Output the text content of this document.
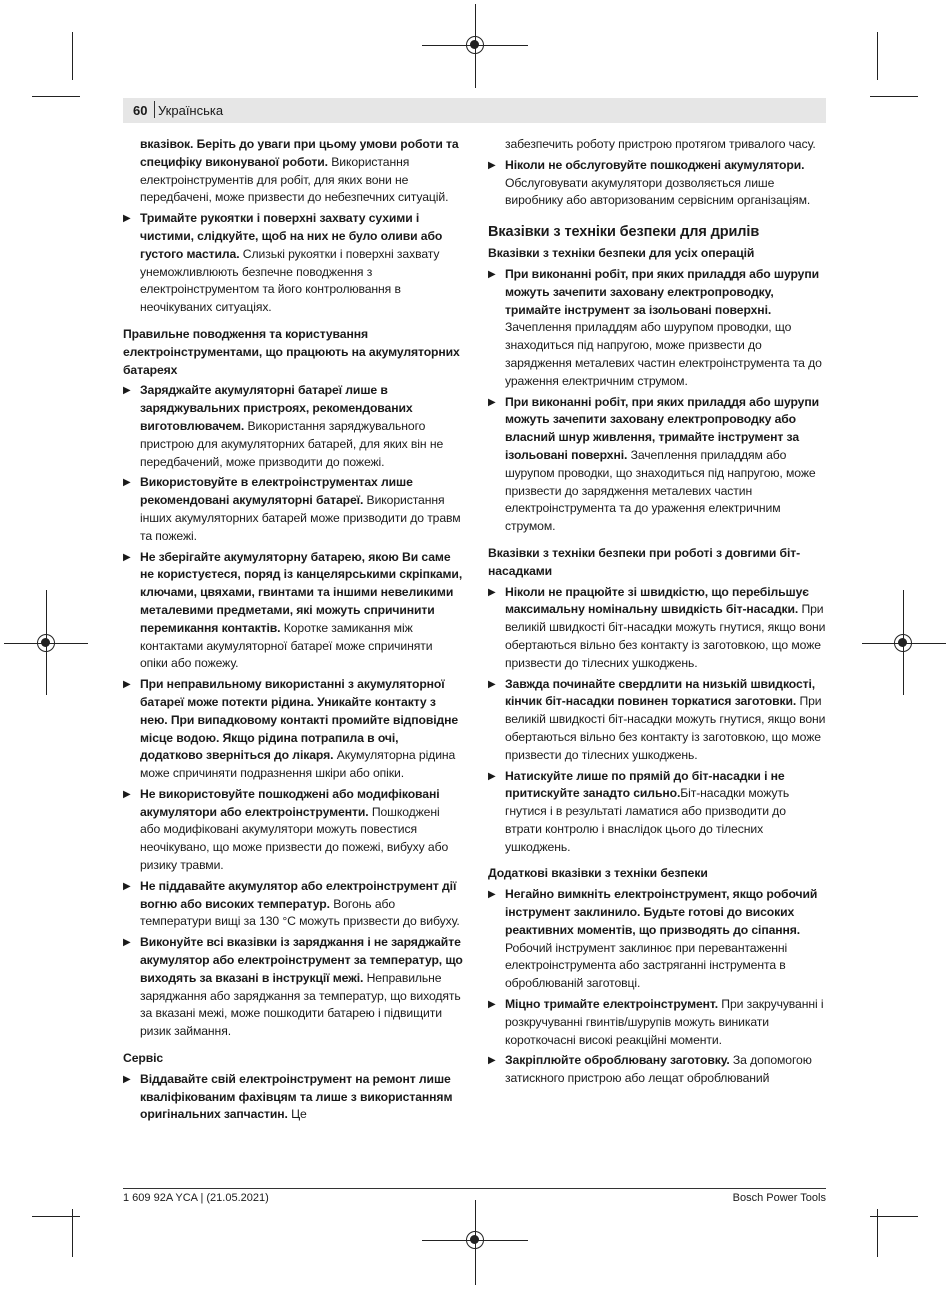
60 Українська

вказівок. Беріть до уваги при цьому умови роботи та специфіку виконуваної роботи. Використання електроінструментів для робіт, для яких вони не передбачені, може призвести до небезпечних ситуацій.

▶ Тримайте рукоятки і поверхні захвату сухими і чистими, слідкуйте, щоб на них не було оливи або густого мастила. Слизькі рукоятки і поверхні захвату унеможливлюють безпечне поводження з електроінструментом та його контролювання в неочікуваних ситуаціях.

Правильне поводження та користування електроінструментами, що працюють на акумуляторних батареях

▶ Заряджайте акумуляторні батареї лише в заряджувальних пристроях, рекомендованих виготовлювачем. Використання заряджувального пристрою для акумуляторних батарей, для яких він не передбачений, може призводити до пожежі.

▶ Використовуйте в електроінструментах лише рекомендовані акумуляторні батареї. Використання інших акумуляторних батарей може призводити до травм та пожежі.

▶ Не зберігайте акумуляторну батарею, якою Ви саме не користуєтеся, поряд із канцелярськими скріпками, ключами, цвяхами, гвинтами та іншими невеликими металевими предметами, які можуть спричинити перемикання контактів. Коротке замикання між контактами акумуляторної батареї може спричиняти опіки або пожежу.

▶ При неправильному використанні з акумуляторної батареї може потекти рідина. Уникайте контакту з нею. При випадковому контакті промийте відповідне місце водою. Якщо рідина потрапила в очі, додатково зверніться до лікаря. Акумуляторна рідина може спричиняти подразнення шкіри або опіки.

▶ Не використовуйте пошкоджені або модифіковані акумулятори або електроінструменти. Пошкоджені або модифіковані акумулятори можуть повестися неочікувано, що може призвести до пожежі, вибуху або ризику травми.

▶ Не піддавайте акумулятор або електроінструмент дії вогню або високих температур. Вогонь або температури вищі за 130 °C можуть призвести до вибуху.

▶ Виконуйте всі вказівки із заряджання і не заряджайте акумулятор або електроінструмент за температур, що виходять за вказані в інструкції межі. Неправильне заряджання або заряджання за температур, що виходять за вказані межі, може пошкодити батарею і підвищити ризик займання.

Сервіс

▶ Віддавайте свій електроінструмент на ремонт лише кваліфікованим фахівцям та лише з використанням оригінальних запчастин. Це

забезпечить роботу пристрою протягом тривалого часу.

▶ Ніколи не обслуговуйте пошкоджені акумулятори. Обслуговувати акумулятори дозволяється лише виробнику або авторизованим сервісним організаціям.

Вказівки з техніки безпеки для дрилів
Вказівки з техніки безпеки для усіх операцій

▶ При виконанні робіт, при яких приладдя або шурупи можуть зачепити заховану електропроводку, тримайте інструмент за ізольовані поверхні. Зачеплення приладдям або шурупом проводки, що знаходиться під напругою, може призвести до зарядження металевих частин електроінструмента та до ураження електричним струмом.

▶ При виконанні робіт, при яких приладдя або шурупи можуть зачепити заховану електропроводку або власний шнур живлення, тримайте інструмент за ізольовані поверхні. Зачеплення приладдям або шурупом проводки, що знаходиться під напругою, може призвести до зарядження металевих частин електроінструмента та до ураження електричним струмом.

Вказівки з техніки безпеки при роботі з довгими біт-насадками

▶ Ніколи не працюйте зі швидкістю, що перебільшує максимальну номінальну швидкість біт-насадки. При великій швидкості біт-насадки можуть гнутися, якщо вони обертаються вільно без контакту із заготовкою, що може призвести до тілесних ушкоджень.

▶ Завжда починайте свердлити на низькій швидкості, кінчик біт-насадки повинен торкатися заготовки. При великій швидкості біт-насадки можуть гнутися, якщо вони обертаються вільно без контакту із заготовкою, що може призвести до тілесних ушкоджень.

▶ Натискуйте лише по прямій до біт-насадки і не притискуйте занадто сильно.Біт-насадки можуть гнутися і в результаті ламатися або призводити до втрати контролю і внаслідок цього до тілесних ушкоджень.

Додаткові вказівки з техніки безпеки

▶ Негайно вимкніть електроінструмент, якщо робочий інструмент заклинило. Будьте готові до високих реактивних моментів, що призводять до сіпання. Робочий інструмент заклинює при перевантаженні електроінструмента або застряганні інструмента в оброблюваній заготовці.

▶ Міцно тримайте електроінструмент. При закручуванні і розкручуванні гвинтів/шурупів можуть виникати короткочасні високі реакційні моменти.

▶ Закріплюйте оброблювану заготовку. За допомогою затискного пристрою або лещат оброблюваний

1 609 92A YCA | (21.05.2021)	Bosch Power Tools
